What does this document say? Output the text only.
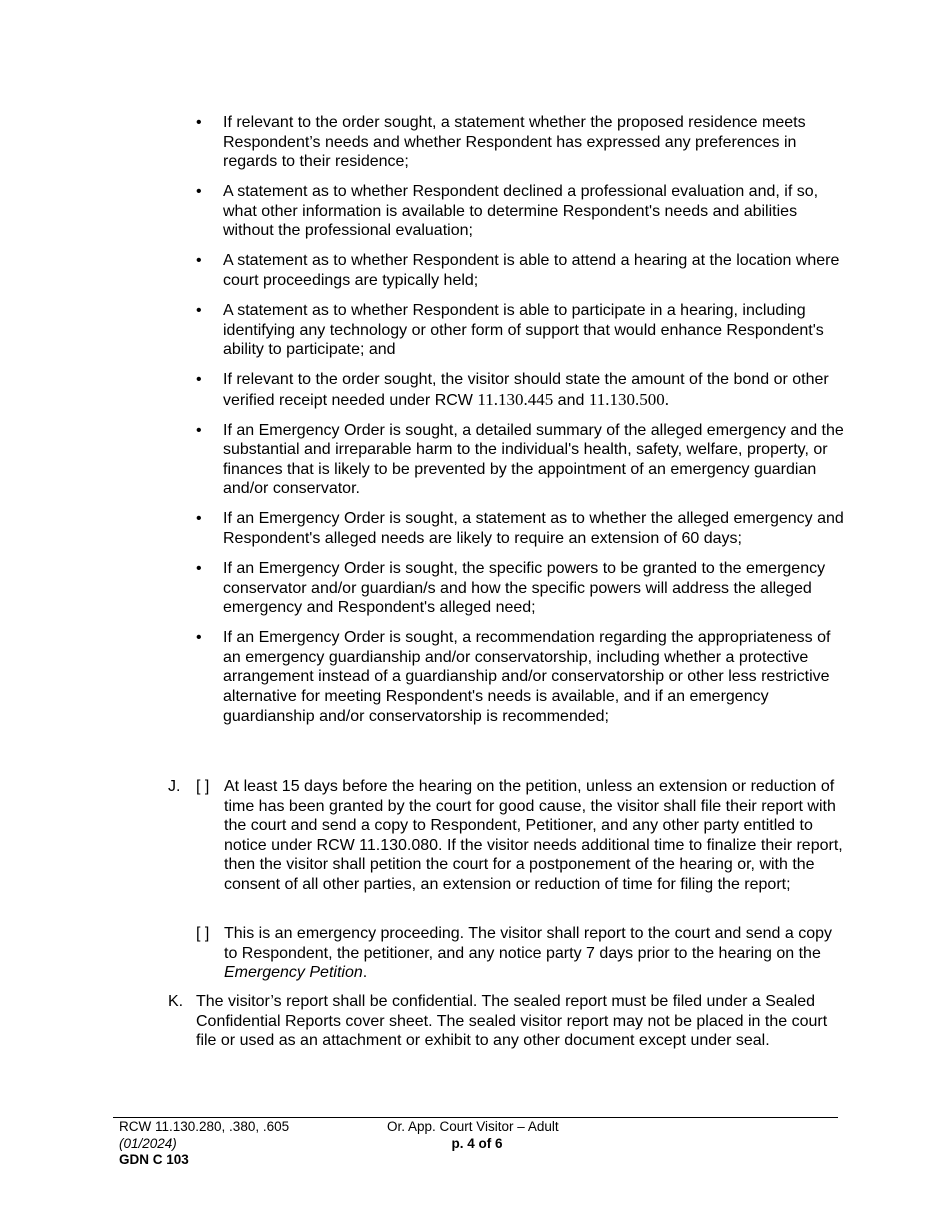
• If relevant to the order sought, a statement whether the proposed residence meets Respondent’s needs and whether Respondent has expressed any preferences in regards to their residence;
• A statement as to whether Respondent declined a professional evaluation and, if so, what other information is available to determine Respondent's needs and abilities without the professional evaluation;
• A statement as to whether Respondent is able to attend a hearing at the location where court proceedings are typically held;
• A statement as to whether Respondent is able to participate in a hearing, including identifying any technology or other form of support that would enhance Respondent's ability to participate; and
• If relevant to the order sought, the visitor should state the amount of the bond or other verified receipt needed under RCW 11.130.445 and 11.130.500.
• If an Emergency Order is sought, a detailed summary of the alleged emergency and the substantial and irreparable harm to the individual's health, safety, welfare, property, or finances that is likely to be prevented by the appointment of an emergency guardian and/or conservator.
• If an Emergency Order is sought, a statement as to whether the alleged emergency and Respondent's alleged needs are likely to require an extension of 60 days;
• If an Emergency Order is sought, the specific powers to be granted to the emergency conservator and/or guardian/s and how the specific powers will address the alleged emergency and Respondent's alleged need;
• If an Emergency Order is sought, a recommendation regarding the appropriateness of an emergency guardianship and/or conservatorship, including whether a protective arrangement instead of a guardianship and/or conservatorship or other less restrictive alternative for meeting Respondent's needs is available, and if an emergency guardianship and/or conservatorship is recommended;
J. [ ] At least 15 days before the hearing on the petition, unless an extension or reduction of time has been granted by the court for good cause, the visitor shall file their report with the court and send a copy to Respondent, Petitioner, and any other party entitled to notice under RCW 11.130.080. If the visitor needs additional time to finalize their report, then the visitor shall petition the court for a postponement of the hearing or, with the consent of all other parties, an extension or reduction of time for filing the report;
[ ] This is an emergency proceeding. The visitor shall report to the court and send a copy to Respondent, the petitioner, and any notice party 7 days prior to the hearing on the Emergency Petition.
K. The visitor’s report shall be confidential. The sealed report must be filed under a Sealed Confidential Reports cover sheet. The sealed visitor report may not be placed in the court file or used as an attachment or exhibit to any other document except under seal.
RCW 11.130.280, .380, .605
(01/2024)
GDN C 103
Or. App. Court Visitor – Adult
p. 4 of 6
